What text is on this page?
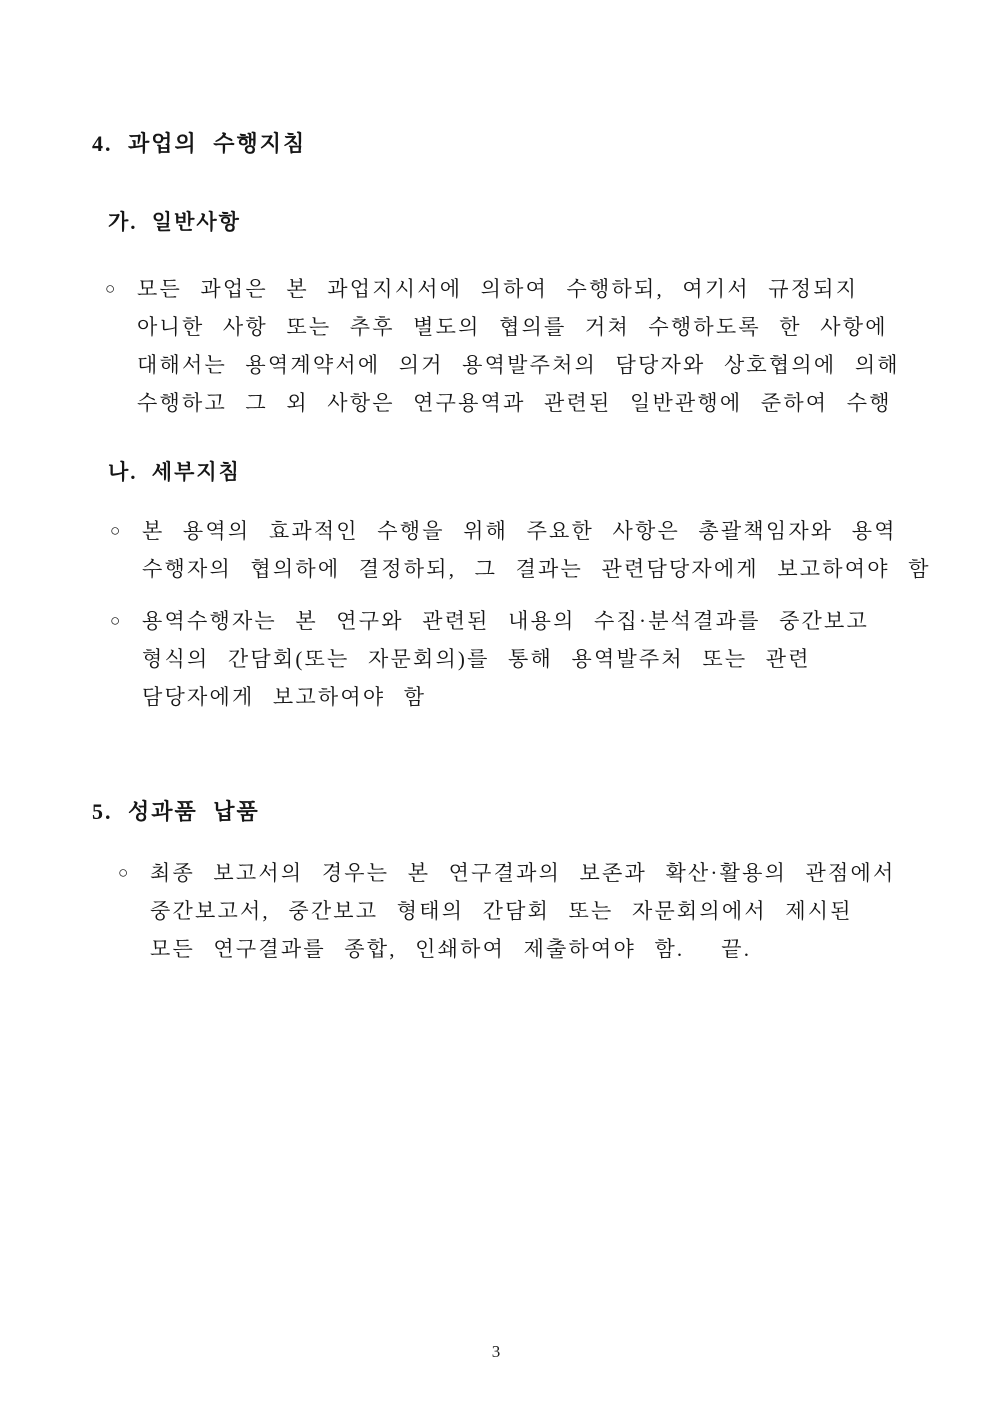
4. 과업의 수행지침
가. 일반사항
○	모든 과업은 본 과업지시서에 의하여 수행하되, 여기서 규정되지
아니한 사항 또는 추후 별도의 협의를 거쳐 수행하도록 한 사항에
대해서는 용역계약서에 의거 용역발주처의 담당자와 상호협의에 의해
수행하고 그 외 사항은 연구용역과 관련된 일반관행에 준하여 수행
나. 세부지침
○	본 용역의 효과적인 수행을 위해 주요한 사항은 총괄책임자와 용역
수행자의 협의하에 결정하되, 그 결과는 관련담당자에게 보고하여야 함
○	용역수행자는 본 연구와 관련된 내용의 수집·분석결과를 중간보고
형식의 간담회(또는 자문회의)를 통해 용역발주처 또는 관련
담당자에게 보고하여야 함
5. 성과품 납품
○	최종 보고서의 경우는 본 연구결과의 보존과 확산·활용의 관점에서
중간보고서, 중간보고 형태의 간담회 또는 자문회의에서 제시된
모든 연구결과를 종합, 인쇄하여 제출하여야 함.  끝.
3
